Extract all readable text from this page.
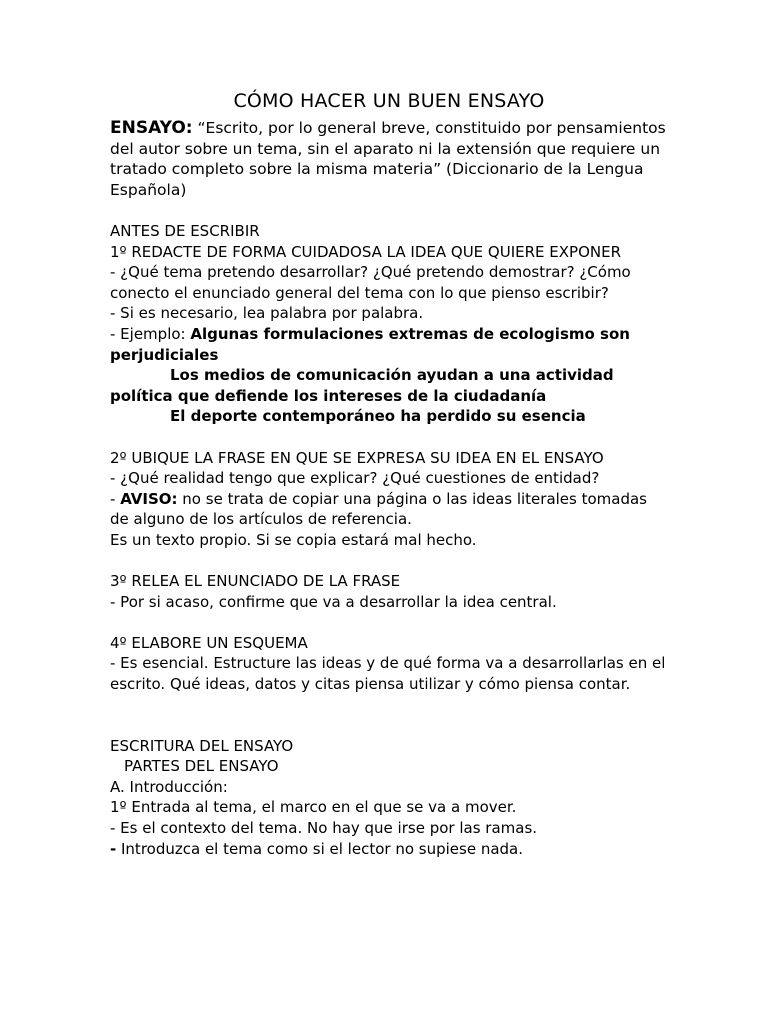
CÓMO HACER UN BUEN ENSAYO

ENSAYO: “Escrito, por lo general breve, constituido por pensamientos del autor sobre un tema, sin el aparato ni la extensión que requiere un tratado completo sobre la misma materia” (Diccionario de la Lengua Española)

ANTES DE ESCRIBIR

1º REDACTE DE FORMA CUIDADOSA LA IDEA QUE QUIERE EXPONER

- ¿Qué tema pretendo desarrollar? ¿Qué pretendo demostrar? ¿Cómo conecto el enunciado general del tema con lo que pienso escribir?

- Si es necesario, lea palabra por palabra.

- Ejemplo: Algunas formulaciones extremas de ecologismo son perjudiciales

Los medios de comunicación ayudan a una actividad política que defiende los intereses de la ciudadanía

El deporte contemporáneo ha perdido su esencia

2º UBIQUE LA FRASE EN QUE SE EXPRESA SU IDEA EN EL ENSAYO

- ¿Qué realidad tengo que explicar? ¿Qué cuestiones de entidad?

- AVISO: no se trata de copiar una página o las ideas literales tomadas de alguno de los artículos de referencia.

Es un texto propio. Si se copia estará mal hecho.

3º RELEA EL ENUNCIADO DE LA FRASE

- Por si acaso, confirme que va a desarrollar la idea central.

4º ELABORE UN ESQUEMA

- Es esencial. Estructure las ideas y de qué forma va a desarrollarlas en el escrito. Qué ideas, datos y citas piensa utilizar y cómo piensa contar.

ESCRITURA DEL ENSAYO

PARTES DEL ENSAYO

A. Introducción:

1º Entrada al tema, el marco en el que se va a mover.

- Es el contexto del tema. No hay que irse por las ramas.

- Introduzca el tema como si el lector no supiese nada.
